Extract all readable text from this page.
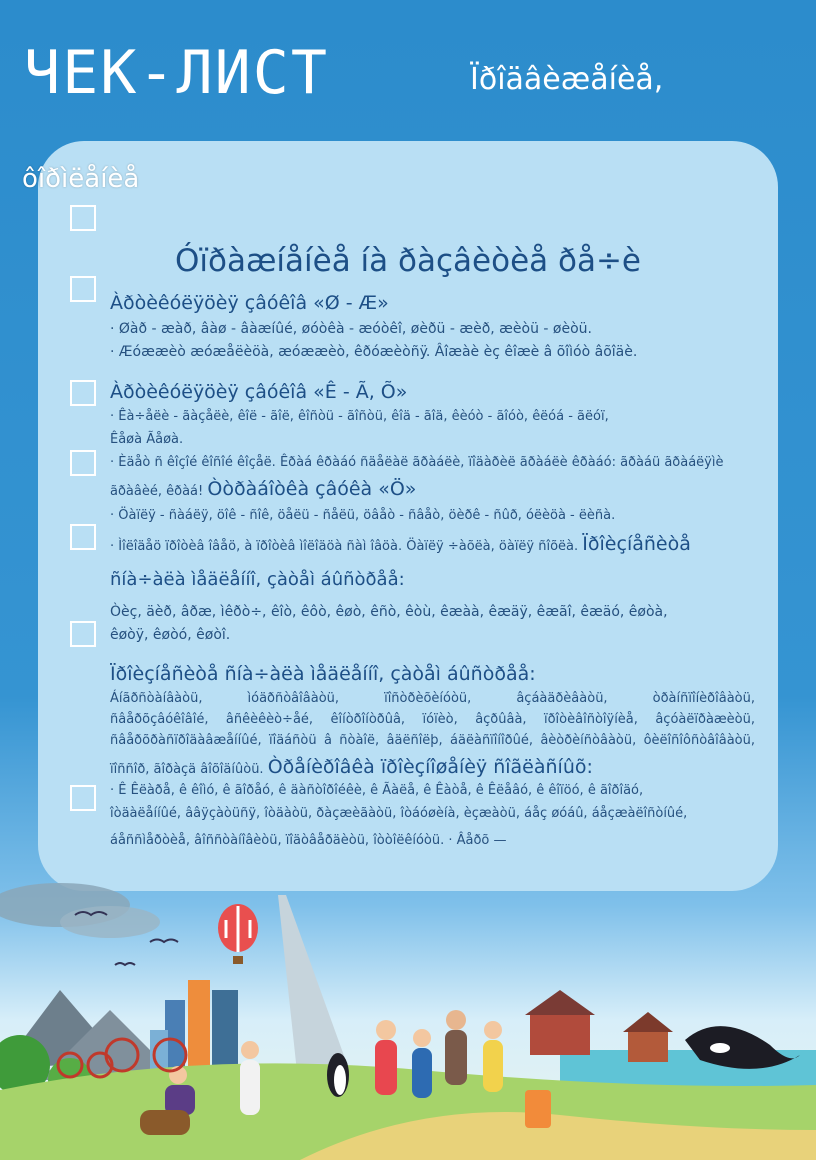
ЧЕК-ЛИСТ	Ïðîäâèæåíèå,
ôîðìëåíèå
Óïðàæíåíèå íà ðàçâèòèå ðå÷è
Àðòèêóëÿöèÿ çâóêîâ «Ø - Æ»
· Øàð - æàð, âàø - âàæíûé, øóòêà - æóòêî, øèðü - æèð, æèòü - øèòü.
· Æóææèò æóæåëèöà, æóææèò, êðóæèòñÿ. Âîæàè èç êîæè â õîìóò âõîäè.
Àðòèêóëÿöèÿ çâóêîâ «Ê - Ã, Õ»
· Êà÷åëè - ãàçåëè, êîë - ãîë, êîñòü - ãîñòü, êîä - ãîä, êèóò - ãîóò, êëóá - ãëóï,
Êåøà Ãåøà.
· Èäåò ñ êîçîé êîñîé êîçåë. Êðàá êðàáó ñäåëàë ãðàáëè, ïîäàðèë ãðàáëè êðàáó: ãðàáü ãðàáëÿìè
ãðàâèé, êðàá! Òòðàáîòêà çâóêà «Ö»
· Öàïëÿ - ñàáëÿ, öîê - ñîê, öåëü - ñåëü, öâåò - ñâåò, öèðê - ñûð, óëèöà - ëèñà.
· Ìîëîäåö ïðîòèâ îâåö, à ïðîòèâ ìîëîäöà ñàì îâöà. Öàïëÿ ÷àõëà, öàïëÿ ñîõëà. Ïðîèçíåñèòå
ñíà÷àëà ìåäëåííî, çàòåì áûñòðåå:
Òèç, äèð, âðæ, ìêðò÷, êîò, êôò, êøò, êñò, êòù, êæàà, êæäÿ, êæãî, êæäó, êøòà,
êøòÿ, êøòó, êøòî.
Ïðîèçíåñèòå ñíà÷àëà ìåäëåííî, çàòåì áûñòðåå:
Áíãðñòàíâàòü, ìóäðñòâîâàòü, ïîñòðèõèíóòü, âçáàäðèâàòü, òðàíñïîíèðîâàòü,
ñâåðõçâóêîâîé, âñêèêèò÷åé, êîíòðîíòðûâ, ïóïèò, âçðûâà, ïðîòèâîñòîÿíèå, âçóàëïðàæèòü,
ñâåðõðàñïðîäàâæåííûé, ïîäáñòü â ñòàîë, âäëñîëþ, áäëàñïîíîðûé, âèòðèíñòâàòü, ôèëîñîôñòâîâàòü,
ïîññîð, ãîðàçä âîõîäíûòü. Òðåíèðîâêà ïðîèçíîøåíèÿ ñîãëàñíûõ:
· Ê Êëàðå, ê êîìó, ê ãîðåó, ê äàñòîðîéêè, ê Ãàëå, ê Êàòå, ê Êëåâó, ê êîïöó, ê ãîðîäó,
îòäàëåííûé, ââÿçàòüñÿ, îòäàòü, ðàçæèãàòü, îòáóøèíà, èçæàòü, áåç øóáû, áåçæàëîñòíûé,
áåññìåðòèå, âîññòàíîâèòü, ïîäòâåðäèòü, îòòîëêíóòü. · Âåðõ —
